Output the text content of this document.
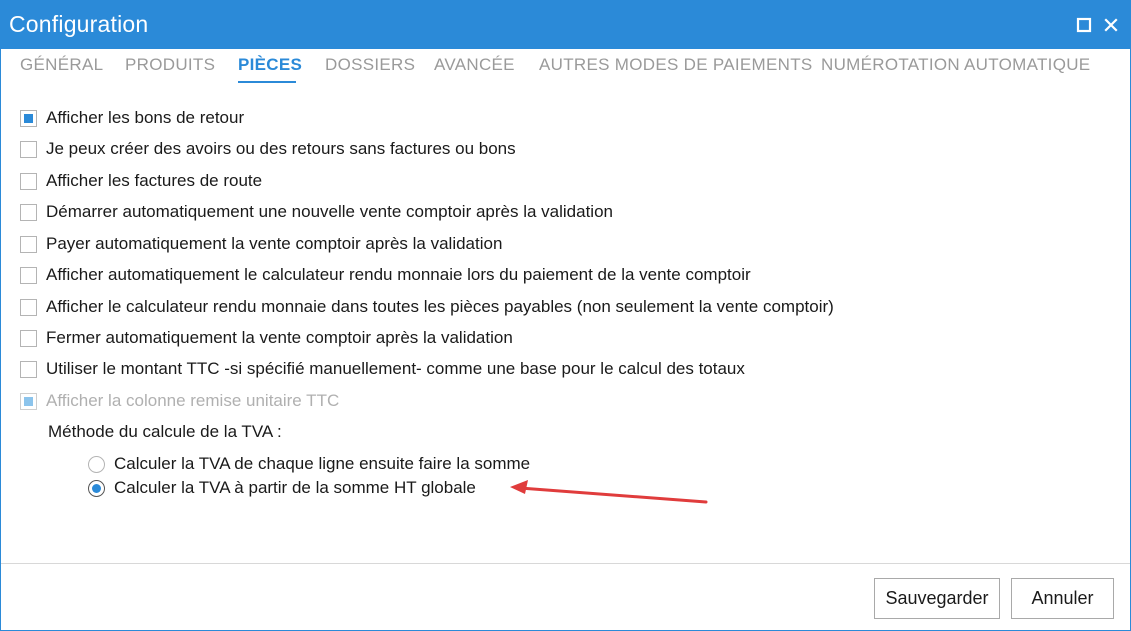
Configuration
GÉNÉRAL PRODUITS PIÈCES DOSSIERS AVANCÉE AUTRES MODES DE PAIEMENTS NUMÉROTATION AUTOMATIQUE
Afficher les bons de retour
Je peux créer des avoirs ou des retours sans factures ou bons
Afficher les factures de route
Démarrer automatiquement une nouvelle vente comptoir après la validation
Payer automatiquement la vente comptoir après la validation
Afficher automatiquement le calculateur rendu monnaie lors du paiement de la vente comptoir
Afficher le calculateur rendu monnaie dans toutes les pièces payables (non seulement la vente comptoir)
Fermer automatiquement la vente comptoir après la validation
Utiliser le montant TTC -si spécifié manuellement- comme une base pour le calcul des totaux
Afficher la colonne remise unitaire TTC
Méthode du calcule de la TVA :
Calculer la TVA de chaque ligne ensuite faire la somme
Calculer la TVA à partir de la somme HT globale
Sauvegarder	Annuler
